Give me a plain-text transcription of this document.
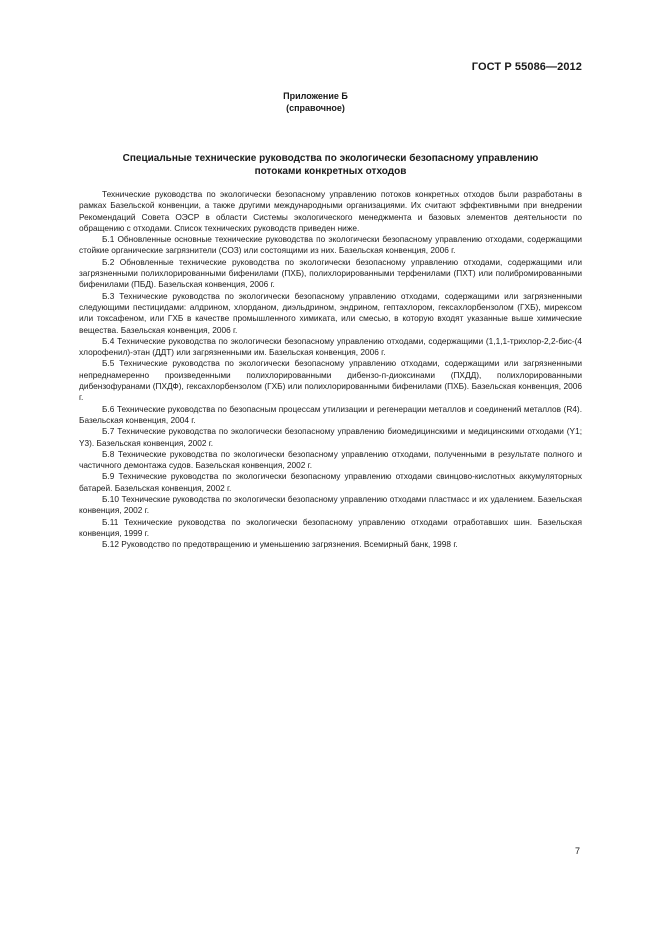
ГОСТ Р 55086—2012
Приложение Б
(справочное)
Специальные технические руководства по экологически безопасному управлению
потоками конкретных отходов

Технические руководства по экологически безопасному управлению потоков конкретных отходов были разработаны в рамках Базельской конвенции, а также другими международными организациями. Их считают эффективными при внедрении Рекомендаций Совета ОЭСР в области Системы экологического менеджмента и базовых элементов деятельности по обращению с отходами. Список технических руководств приведен ниже.

Б.1 Обновленные основные технические руководства по экологически безопасному управлению отходами, содержащими стойкие органические загрязнители (СОЗ) или состоящими из них. Базельская конвенция, 2006 г.

Б.2 Обновленные технические руководства по экологически безопасному управлению отходами, содержащими или загрязненными полихлорированными бифенилами (ПХБ), полихлорированными терфенилами (ПХТ) или полибромированными бифенилами (ПБД). Базельская конвенция, 2006 г.

Б.3 Технические руководства по экологически безопасному управлению отходами, содержащими или загрязненными следующими пестицидами: алдрином, хлорданом, диэльдрином, эндрином, гептахлором, гексахлорбензолом (ГХБ), мирексом или токсафеном, или ГХБ в качестве промышленного химиката, или смесью, в которую входят указанные выше химические вещества. Базельская конвенция, 2006 г.

Б.4 Технические руководства по экологически безопасному управлению отходами, содержащими (1,1,1-трихлор-2,2-бис-(4 хлорофенил)-этан (ДДТ) или загрязненными им. Базельская конвенция, 2006 г.

Б.5 Технические руководства по экологически безопасному управлению отходами, содержащими или загрязненными непреднамеренно произведенными полихлорированными дибензо-п-диоксинами (ПХДД), полихлорированными дибензофуранами (ПХДФ), гексахлорбензолом (ГХБ) или полихлорированными бифенилами (ПХБ). Базельская конвенция, 2006 г.

Б.6 Технические руководства по безопасным процессам утилизации и регенерации металлов и соединений металлов (R4). Базельская конвенция, 2004 г.

Б.7 Технические руководства по экологически безопасному управлению биомедицинскими и медицинскими отходами (Y1; Y3). Базельская конвенция, 2002 г.

Б.8 Технические руководства по экологически безопасному управлению отходами, полученными в результате полного и частичного демонтажа судов. Базельская конвенция, 2002 г.

Б.9 Технические руководства по экологически безопасному управлению отходами свинцово-кислотных аккумуляторных батарей. Базельская конвенция, 2002 г.

Б.10 Технические руководства по экологически безопасному управлению отходами пластмасс и их удалением. Базельская конвенция, 2002 г.

Б.11 Технические руководства по экологически безопасному управлению отходами отработавших шин. Базельская конвенция, 1999 г.

Б.12 Руководство по предотвращению и уменьшению загрязнения. Всемирный банк, 1998 г.

7
